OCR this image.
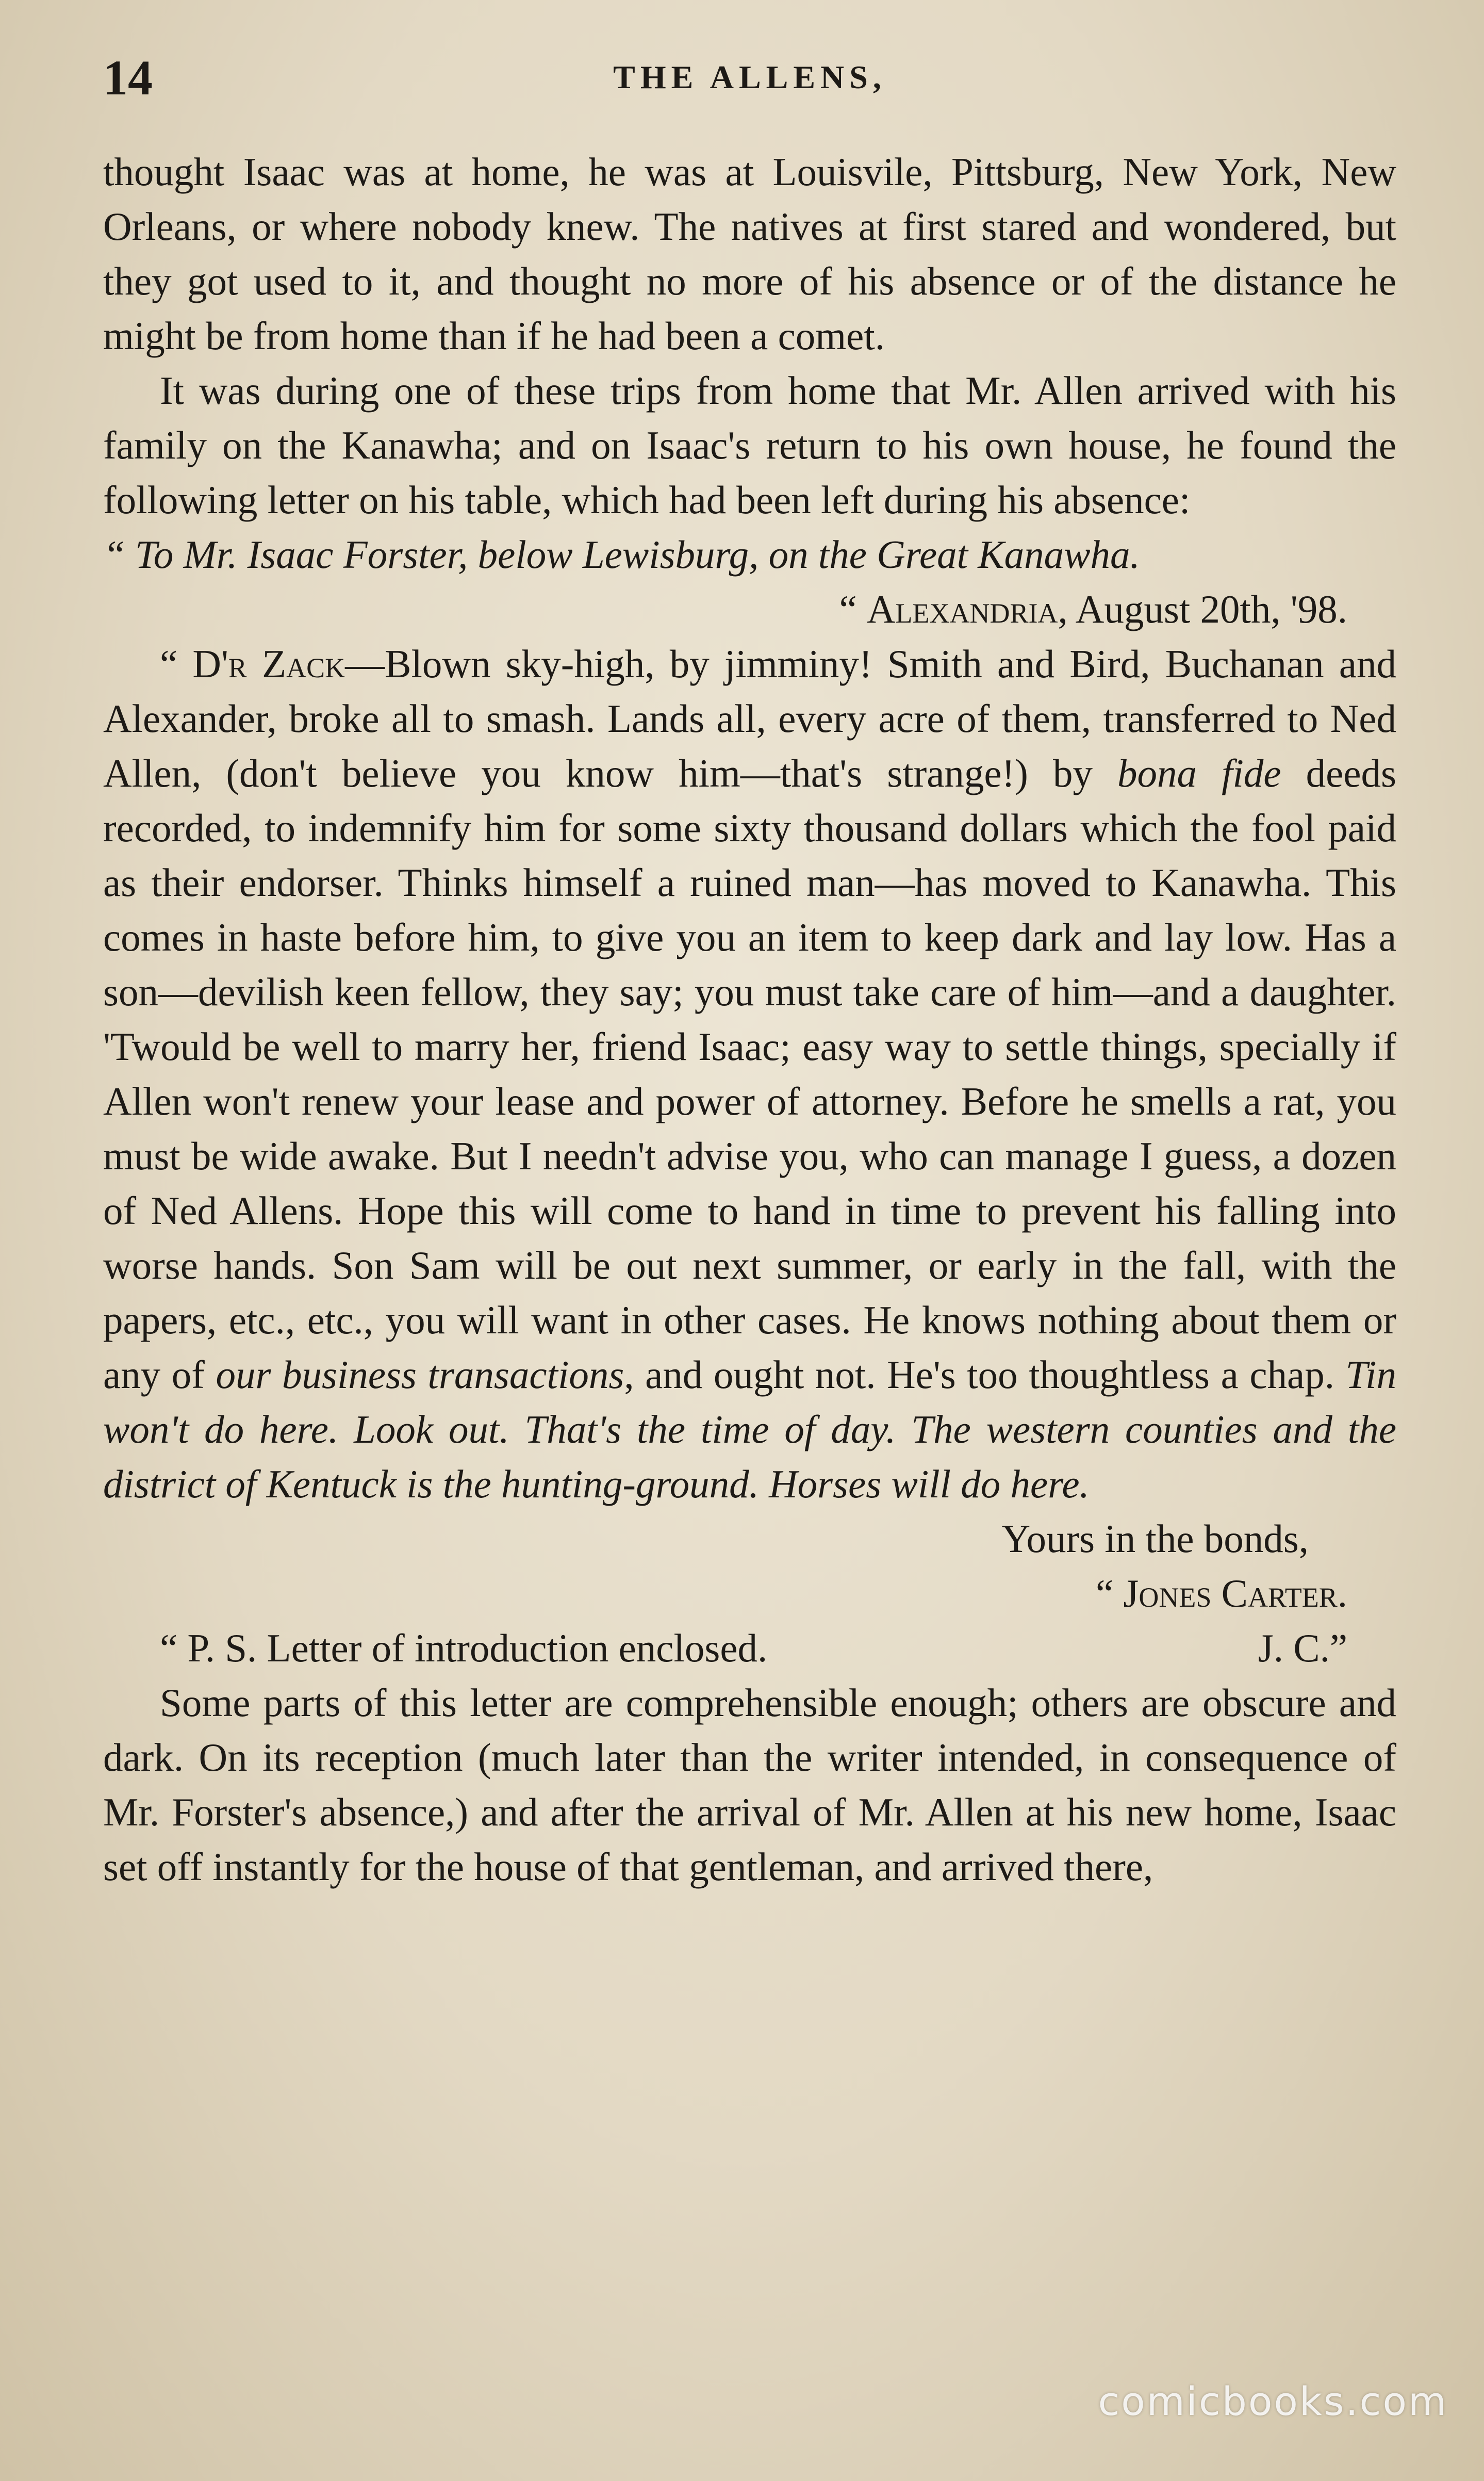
14	THE ALLENS,

thought Isaac was at home, he was at Louisvile, Pittsburg, New York, New Orleans, or where nobody knew. The natives at first stared and wondered, but they got used to it, and thought no more of his absence or of the distance he might be from home than if he had been a comet.

It was during one of these trips from home that Mr. Allen arrived with his family on the Kanawha; and on Isaac's return to his own house, he found the following letter on his table, which had been left during his absence:

“ To Mr. Isaac Forster, below Lewisburg, on the Great Kanawha.

“ Alexandria, August 20th, '98.

“ D'r Zack—Blown sky-high, by jimminy! Smith and Bird, Buchanan and Alexander, broke all to smash. Lands all, every acre of them, transferred to Ned Allen, (don't believe you know him—that's strange!) by bona fide deeds recorded, to indemnify him for some sixty thousand dollars which the fool paid as their endorser. Thinks himself a ruined man—has moved to Kanawha. This comes in haste before him, to give you an item to keep dark and lay low. Has a son—devilish keen fellow, they say; you must take care of him—and a daughter. 'Twould be well to marry her, friend Isaac; easy way to settle things, specially if Allen won't renew your lease and power of attorney. Before he smells a rat, you must be wide awake. But I needn't advise you, who can manage I guess, a dozen of Ned Allens. Hope this will come to hand in time to prevent his falling into worse hands. Son Sam will be out next summer, or early in the fall, with the papers, etc., etc., you will want in other cases. He knows nothing about them or any of our business transactions, and ought not. He's too thoughtless a chap. Tin won't do here. Look out. That's the time of day. The western counties and the district of Kentuck is the hunting-ground. Horses will do here.

Yours in the bonds,

“ Jones Carter.

“ P. S. Letter of introduction enclosed.	J. C.”

Some parts of this letter are comprehensible enough; others are obscure and dark. On its reception (much later than the writer intended, in consequence of Mr. Forster's absence,) and after the arrival of Mr. Allen at his new home, Isaac set off instantly for the house of that gentleman, and arrived there,

comicbooks.com
